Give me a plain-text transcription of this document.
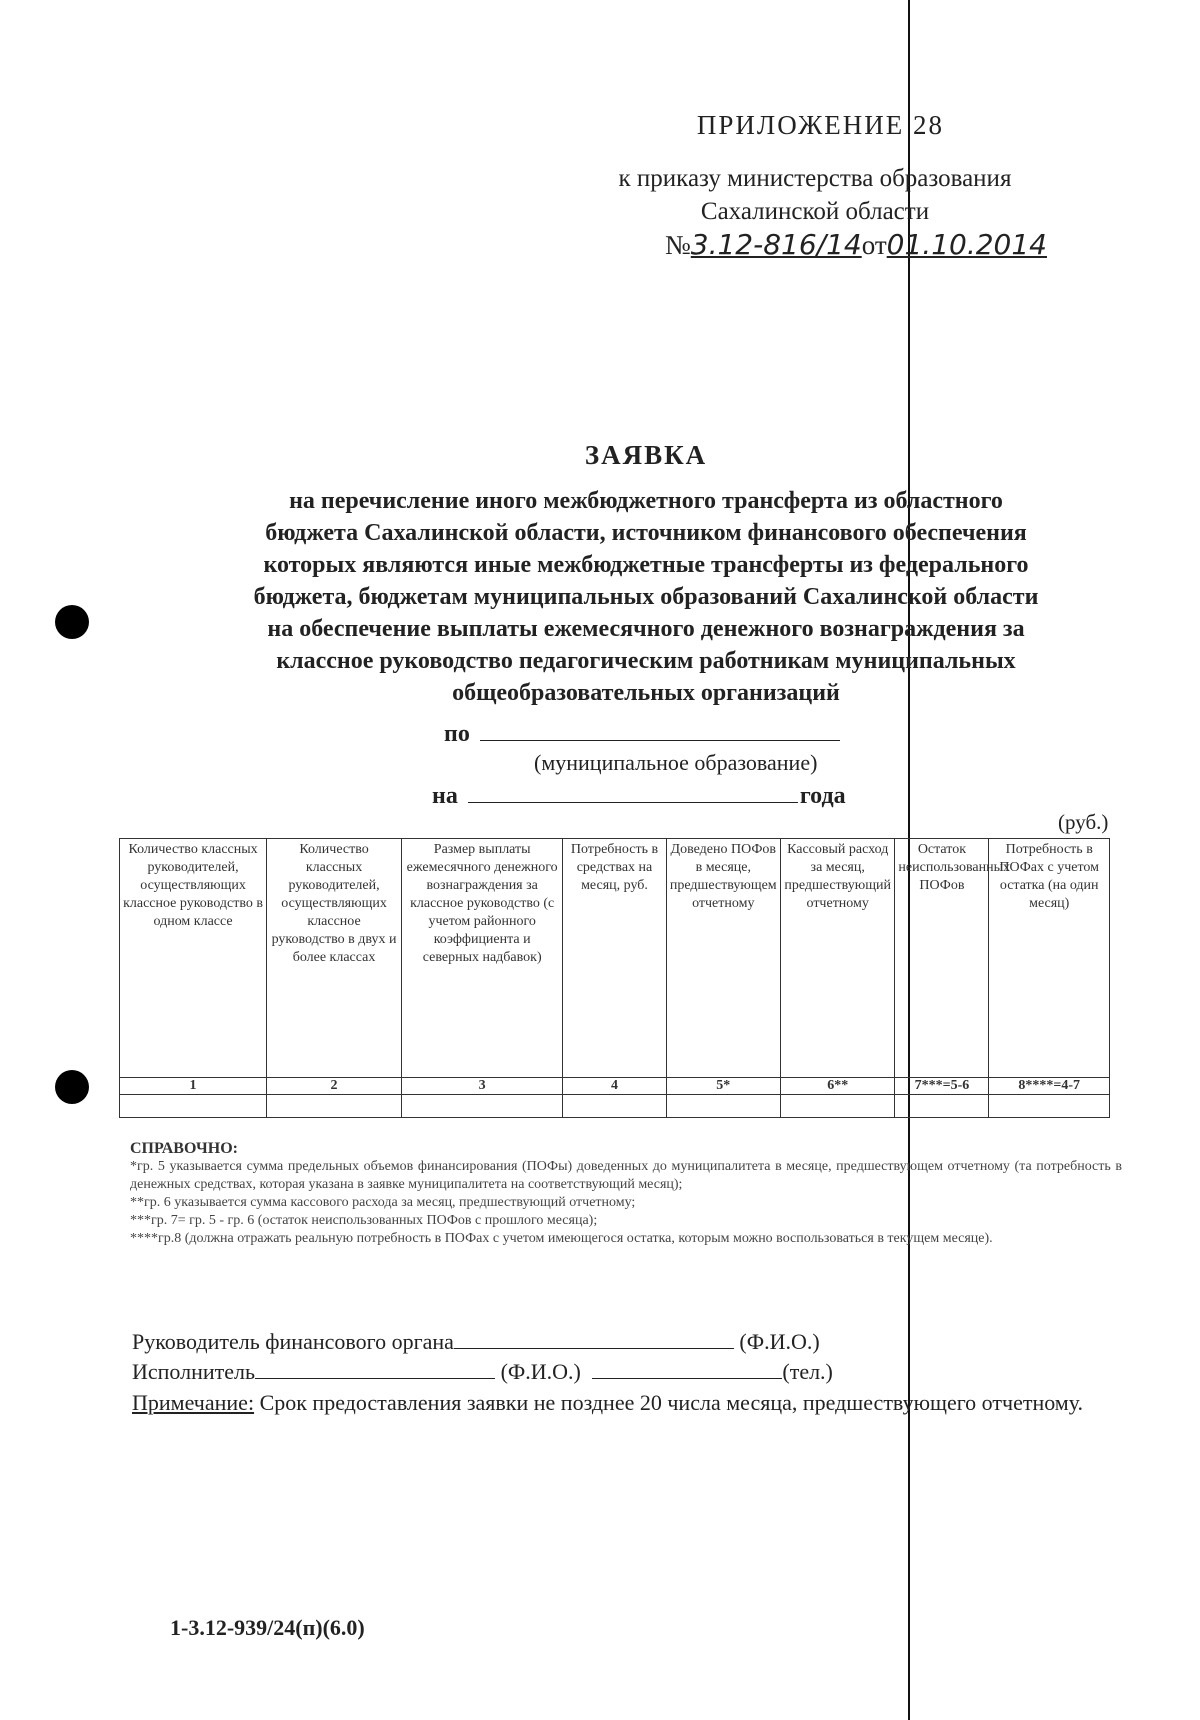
ПРИЛОЖЕНИЕ 28
к приказу министерства образования
Сахалинской области
№3.12-816/14от01.10.2014
ЗАЯВКА
на перечисление иного межбюджетного трансферта из областного
бюджета Сахалинской области, источником финансового обеспечения
которых являются иные межбюджетные трансферты из федерального
бюджета, бюджетам муниципальных образований Сахалинской области
на обеспечение выплаты ежемесячного денежного вознаграждения за
классное руководство педагогическим работникам муниципальных
общеобразовательных организаций
по
(муниципальное образование)
на	года
(руб.)
Количество классных руководителей, осуществляющих классное руководство в одном классе	Количество классных руководителей, осуществляющих классное руководство в двух и более классах	Размер выплаты ежемесячного денежного вознаграждения за классное руководство (с учетом районного коэффициента и северных надбавок)	Потребность в средствах на месяц, руб.	Доведено ПОФов в месяце, предшествующем отчетному	Кассовый расход за месяц, предшествующий отчетному	Остаток неиспользованных ПОФов	Потребность в ПОФах с учетом остатка (на один месяц)
1	2	3	4	5*	6**	7***=5-6	8****=4-7

СПРАВОЧНО:

*гр. 5 указывается сумма предельных объемов финансирования (ПОФы) доведенных до муниципалитета в месяце, предшествующем отчетному (та потребность в денежных средствах, которая указана в заявке муниципалитета на соответствующий месяц);

**гр. 6 указывается сумма кассового расхода за месяц, предшествующий отчетному;

***гр. 7= гр. 5 - гр. 6 (остаток неиспользованных ПОФов с прошлого месяца);

****гр.8 (должна отражать реальную потребность в ПОФах с учетом имеющегося остатка, которым можно воспользоваться в текущем месяце).

Руководитель финансового органа	(Ф.И.О.)
Исполнитель	(Ф.И.О.)	(тел.)
Примечание: Срок предоставления заявки не позднее 20 числа месяца, предшествующего отчетному.
1-3.12-939/24(п)(6.0)
